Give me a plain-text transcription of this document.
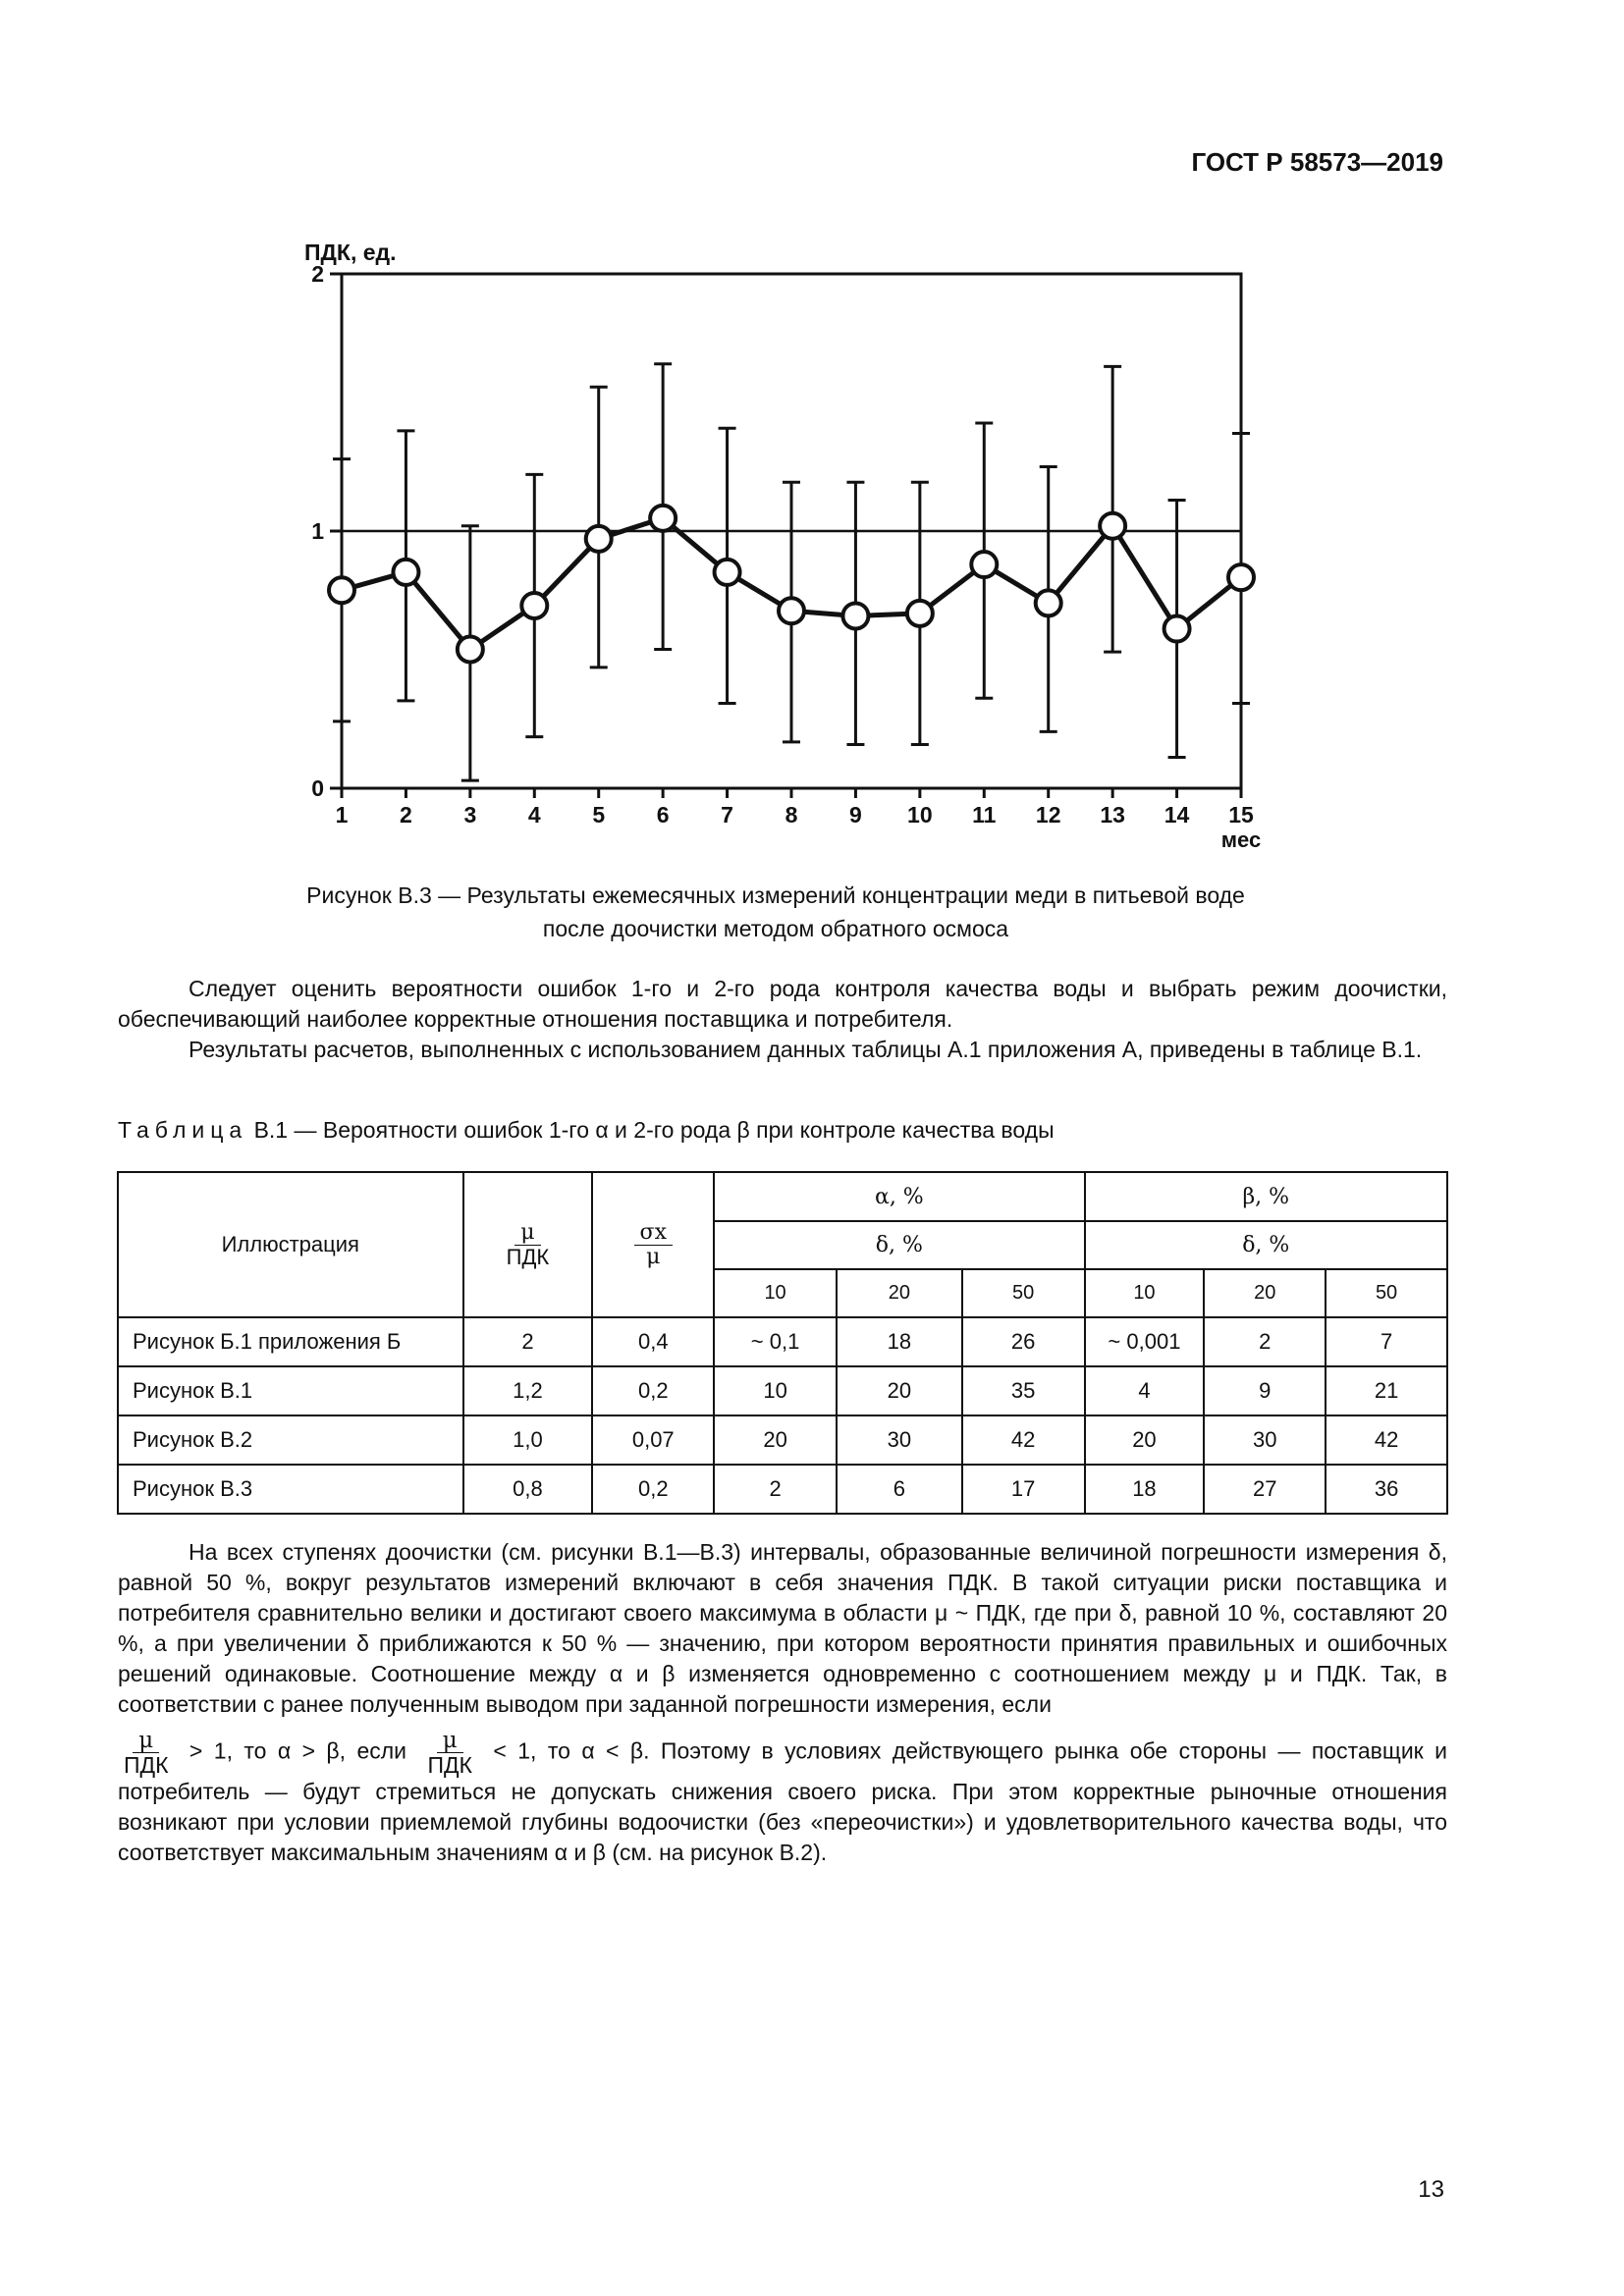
ГОСТ Р 58573—2019
ПДК, ед.
0
1
2
1 2 3 4 5 6 7 8 9 10 11 12 13 14 15
мес
Рисунок В.3 — Результаты ежемесячных измерений концентрации меди в питьевой воде
после доочистки методом обратного осмоса
Следует оценить вероятности ошибок 1-го и 2-го рода контроля качества воды и выбрать режим доочистки, обеспечивающий наиболее корректные отношения поставщика и потребителя.
Результаты расчетов, выполненных с использованием данных таблицы А.1 приложения А, приведены в таблице В.1.
Таблица В.1 — Вероятности ошибок 1-го α и 2-го рода β при контроле качества воды
Иллюстрация	$\frac{\mu}{\text{ПДК}}$	$\frac{\sigma x}{\mu}$	α, %			β, %		
			δ, %			δ, %		
			10	20	50	10	20	50
Рисунок Б.1 приложения Б	2	0,4	~ 0,1	18	26	~ 0,001	2	7
Рисунок В.1	1,2	0,2	10	20	35	4	9	21
Рисунок В.2	1,0	0,07	20	30	42	20	30	42
Рисунок В.3	0,8	0,2	2	6	17	18	27	36
На всех ступенях доочистки (см. рисунки В.1—В.3) интервалы, образованные величиной погрешности измерения δ, равной 50 %, вокруг результатов измерений включают в себя значения ПДК. В такой ситуации риски поставщика и потребителя сравнительно велики и достигают своего максимума в области μ ~ ПДК, где при δ, равной 10 %, составляют 20 %, а при увеличении δ приближаются к 50 % — значению, при котором вероятности принятия правильных и ошибочных решений одинаковые. Соотношение между α и β изменяется одновременно с соотношением между μ и ПДК. Так, в соответствии с ранее полученным выводом при заданной погрешности измерения, если
$\frac{\mu}{\text{ПДК}} > 1$, то α > β, если $\frac{\mu}{\text{ПДК}} < 1$, то α < β. Поэтому в условиях действующего рынка обе стороны — поставщик и потребитель — будут стремиться не допускать снижения своего риска. При этом корректные рыночные отношения возникают при условии приемлемой глубины водоочистки (без «переочистки») и удовлетворительного качества воды, что соответствует максимальным значениям α и β (см. на рисунок В.2).
13
